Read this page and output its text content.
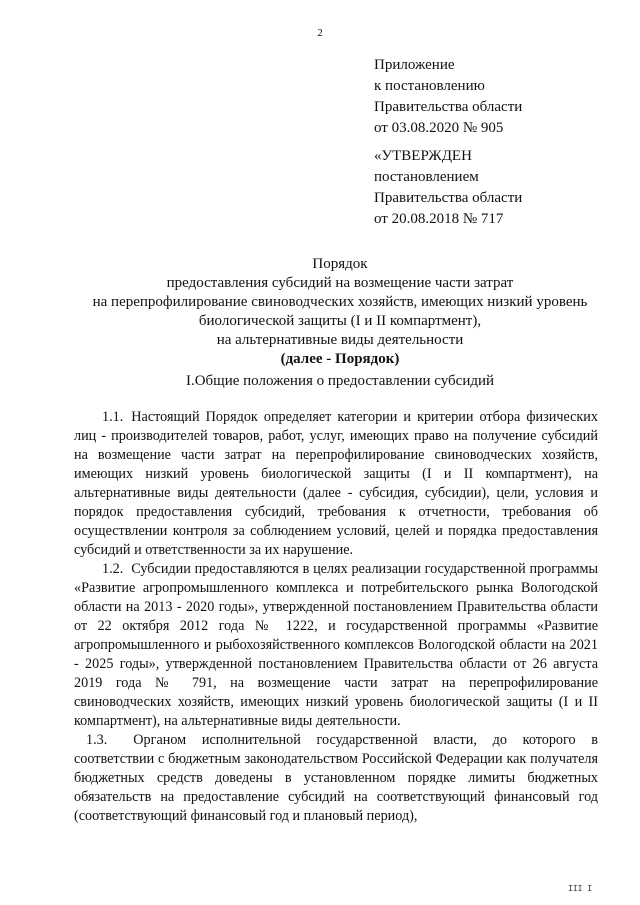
2
Приложение
к постановлению
Правительства области
от 03.08.2020 № 905
«УТВЕРЖДЕН
постановлением
Правительства области
от 20.08.2018 № 717
Порядок
предоставления субсидий на возмещение части затрат
на перепрофилирование свиноводческих хозяйств, имеющих низкий уровень
биологической защиты (I и II компартмент),
на альтернативные виды деятельности
(далее - Порядок)
I.Общие положения о предоставлении субсидий

1.1. Настоящий Порядок определяет категории и критерии отбора физических лиц - производителей товаров, работ, услуг, имеющих право на получение субсидий на возмещение части затрат на перепрофилирование свиноводческих хозяйств, имеющих низкий уровень биологической защиты (I и II компартмент), на альтернативные виды деятельности (далее - субсидия, субсидии), цели, условия и порядок предоставления субсидий, требования к отчетности, требования об осуществлении контроля за соблюдением условий, целей и порядка предоставления субсидий и ответственности за их нарушение.

1.2. Субсидии предоставляются в целях реализации государственной программы «Развитие агропромышленного комплекса и потребительского рынка Вологодской области на 2013 - 2020 годы», утвержденной постановлением Правительства области от 22 октября 2012 года № 1222, и государственной программы «Развитие агропромышленного и рыбохозяйственного комплексов Вологодской области на 2021 - 2025 годы», утвержденной постановлением Правительства области от 26 августа 2019 года № 791, на возмещение части затрат на перепрофилирование свиноводческих хозяйств, имеющих низкий уровень биологической защиты (I и II компартмент), на альтернативные виды деятельности.

1.3. Органом исполнительной государственной власти, до которого в соответствии с бюджетным законодательством Российской Федерации как получателя бюджетных средств доведены в установленном порядке лимиты бюджетных обязательств на предоставление субсидий на соответствующий финансовый год (соответствующий финансовый год и плановый период),

III I
